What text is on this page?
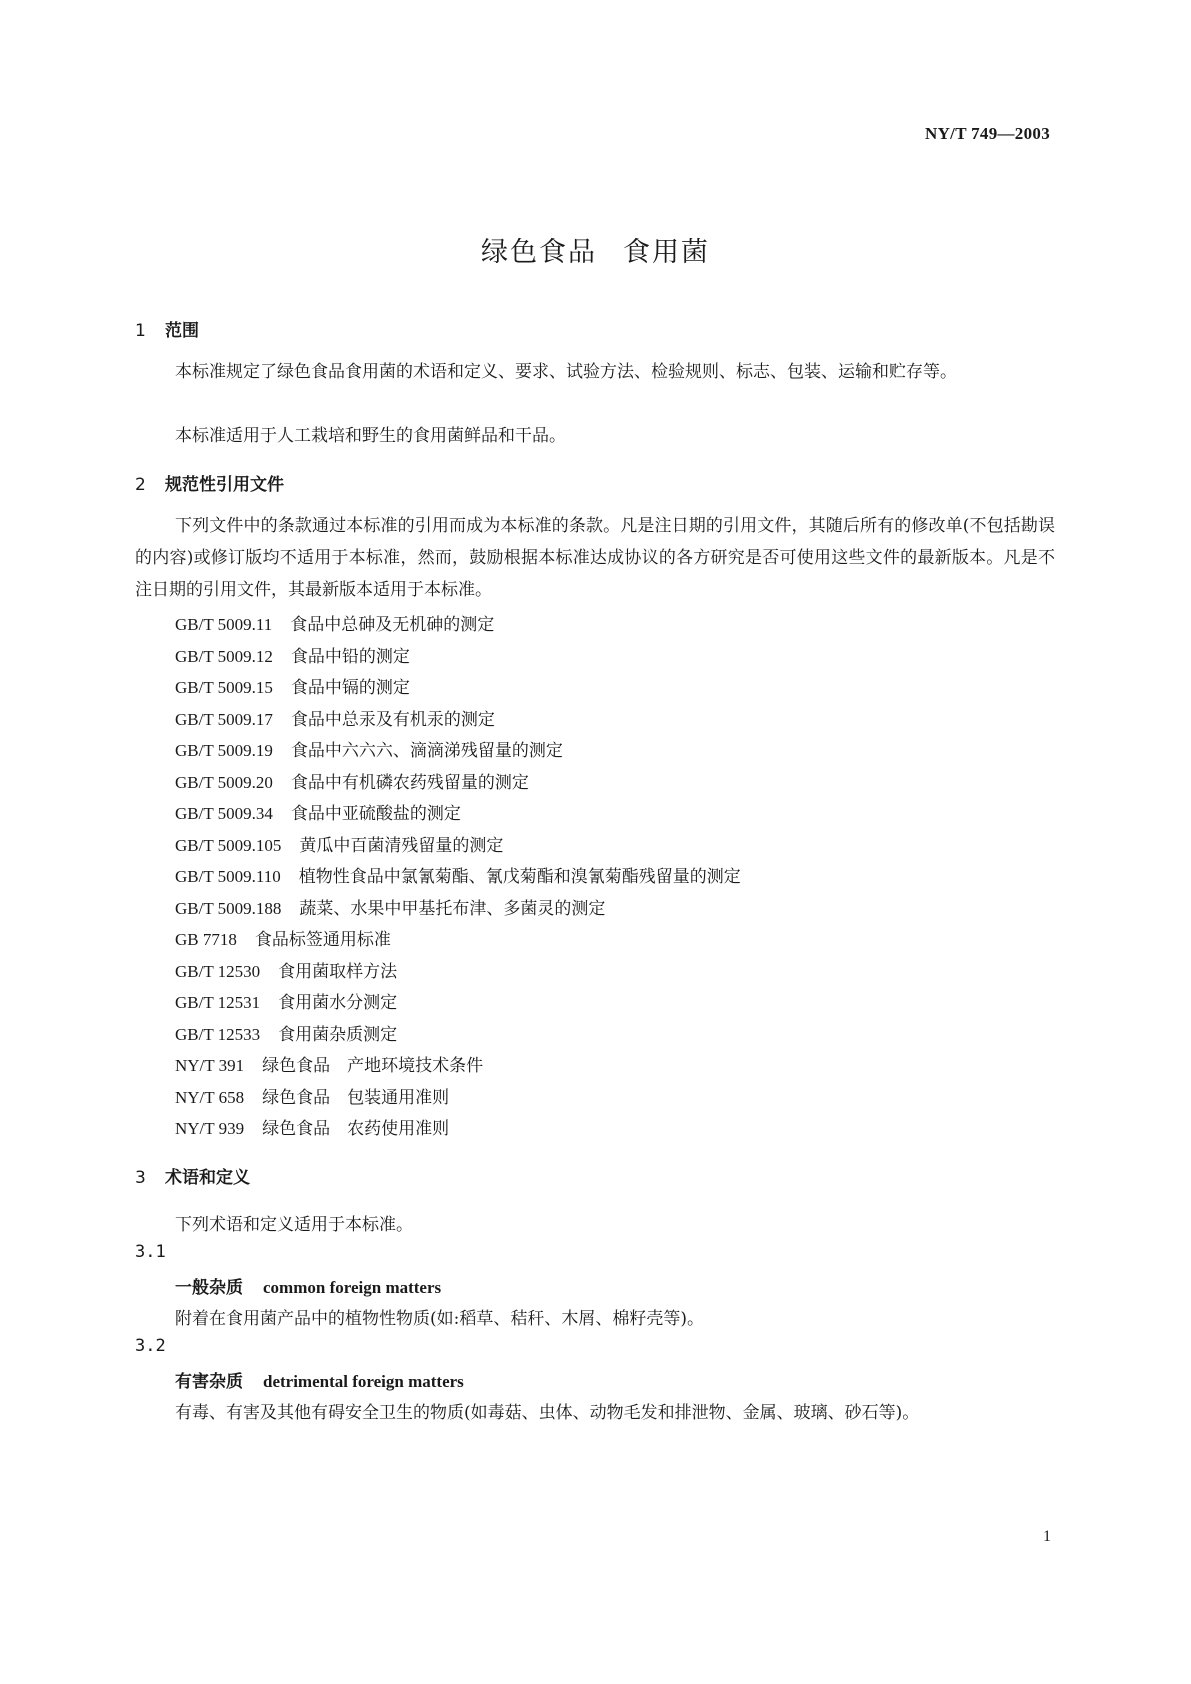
NY/T 749—2003
绿色食品 食用菌
1 范围
本标准规定了绿色食品食用菌的术语和定义、要求、试验方法、检验规则、标志、包装、运输和贮存等。
本标准适用于人工栽培和野生的食用菌鲜品和干品。
2 规范性引用文件
下列文件中的条款通过本标准的引用而成为本标准的条款。凡是注日期的引用文件，其随后所有的修改单(不包括勘误的内容)或修订版均不适用于本标准，然而，鼓励根据本标准达成协议的各方研究是否可使用这些文件的最新版本。凡是不注日期的引用文件，其最新版本适用于本标准。
GB/T 5009.11 食品中总砷及无机砷的测定
GB/T 5009.12 食品中铅的测定
GB/T 5009.15 食品中镉的测定
GB/T 5009.17 食品中总汞及有机汞的测定
GB/T 5009.19 食品中六六六、滴滴涕残留量的测定
GB/T 5009.20 食品中有机磷农药残留量的测定
GB/T 5009.34 食品中亚硫酸盐的测定
GB/T 5009.105 黄瓜中百菌清残留量的测定
GB/T 5009.110 植物性食品中氯氰菊酯、氰戊菊酯和溴氰菊酯残留量的测定
GB/T 5009.188 蔬菜、水果中甲基托布津、多菌灵的测定
GB 7718 食品标签通用标准
GB/T 12530 食用菌取样方法
GB/T 12531 食用菌水分测定
GB/T 12533 食用菌杂质测定
NY/T 391 绿色食品　产地环境技术条件
NY/T 658 绿色食品　包装通用准则
NY/T 939 绿色食品　农药使用准则
3 术语和定义
下列术语和定义适用于本标准。
3.1
一般杂质 common foreign matters
附着在食用菌产品中的植物性物质(如:稻草、秸秆、木屑、棉籽壳等)。
3.2
有害杂质 detrimental foreign matters
有毒、有害及其他有碍安全卫生的物质(如毒菇、虫体、动物毛发和排泄物、金属、玻璃、砂石等)。
1
